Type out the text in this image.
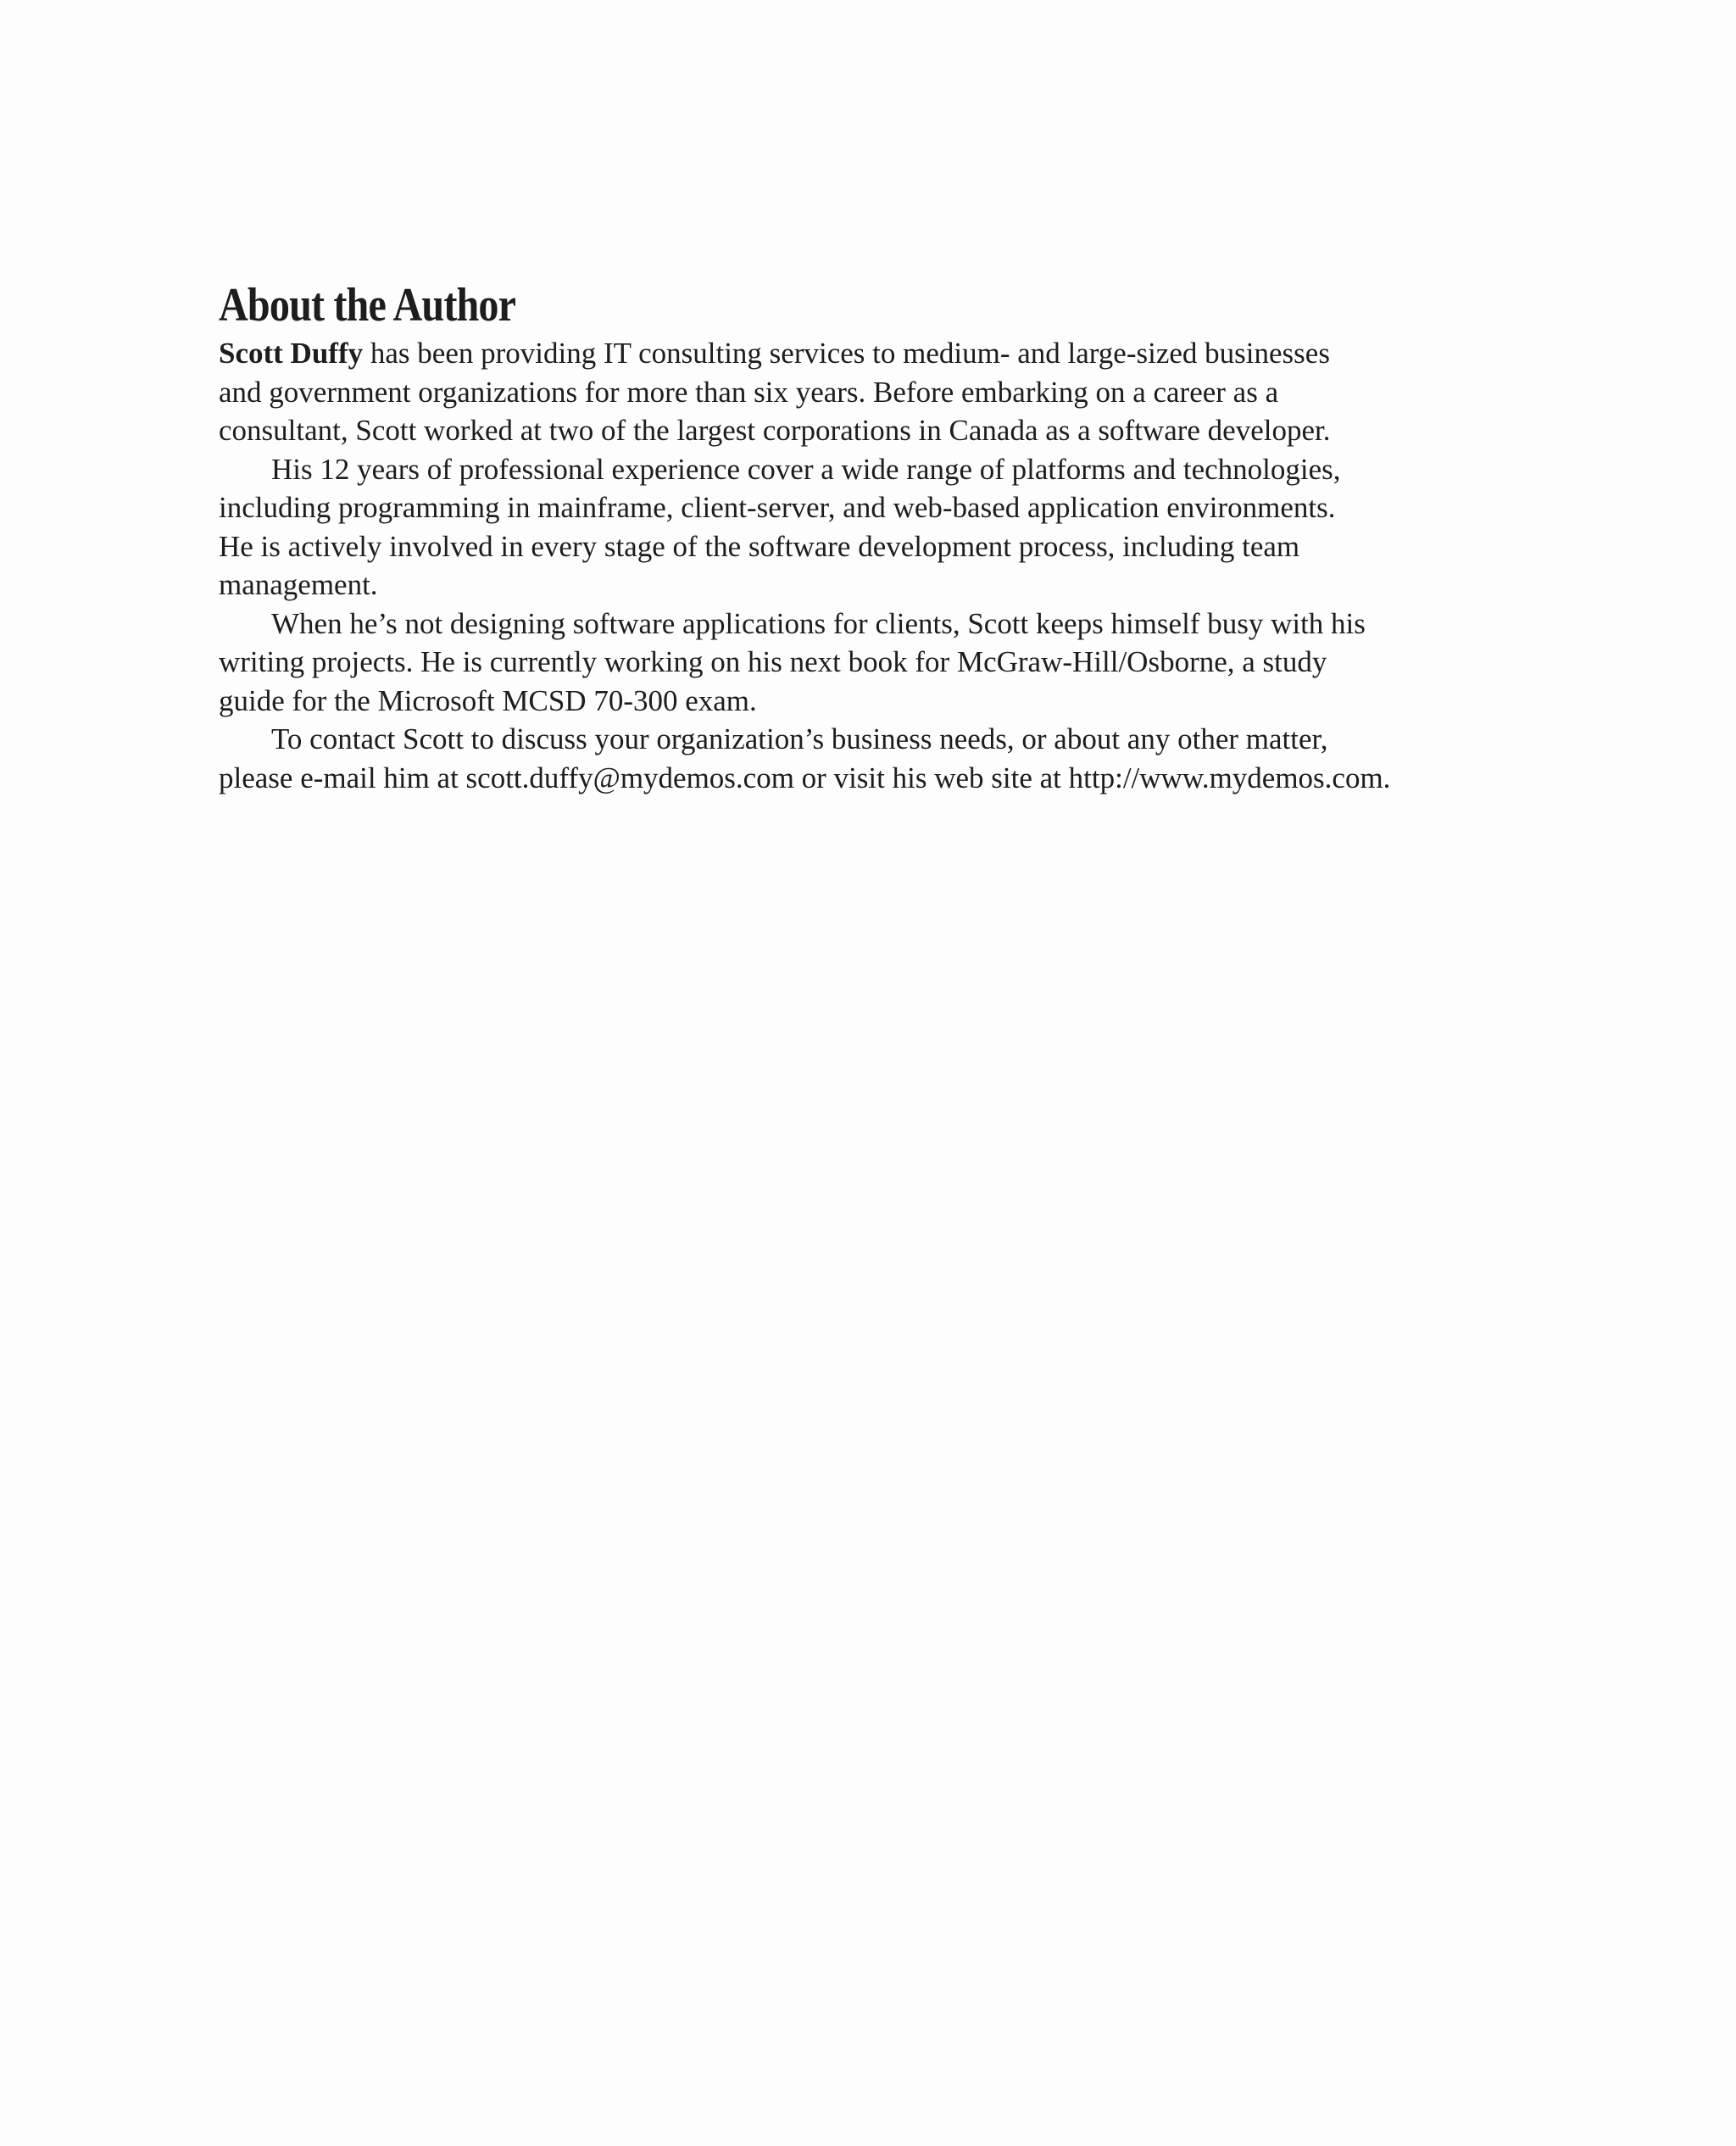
About the Author

Scott Duffy has been providing IT consulting services to medium- and large-sized businesses
and government organizations for more than six years. Before embarking on a career as a
consultant, Scott worked at two of the largest corporations in Canada as a software developer.

His 12 years of professional experience cover a wide range of platforms and technologies,
including programming in mainframe, client-server, and web-based application environments.
He is actively involved in every stage of the software development process, including team
management.

When he’s not designing software applications for clients, Scott keeps himself busy with his
writing projects. He is currently working on his next book for McGraw-Hill/Osborne, a study
guide for the Microsoft MCSD 70-300 exam.

To contact Scott to discuss your organization’s business needs, or about any other matter,
please e-mail him at scott.duffy@mydemos.com or visit his web site at http://www.mydemos.com.
